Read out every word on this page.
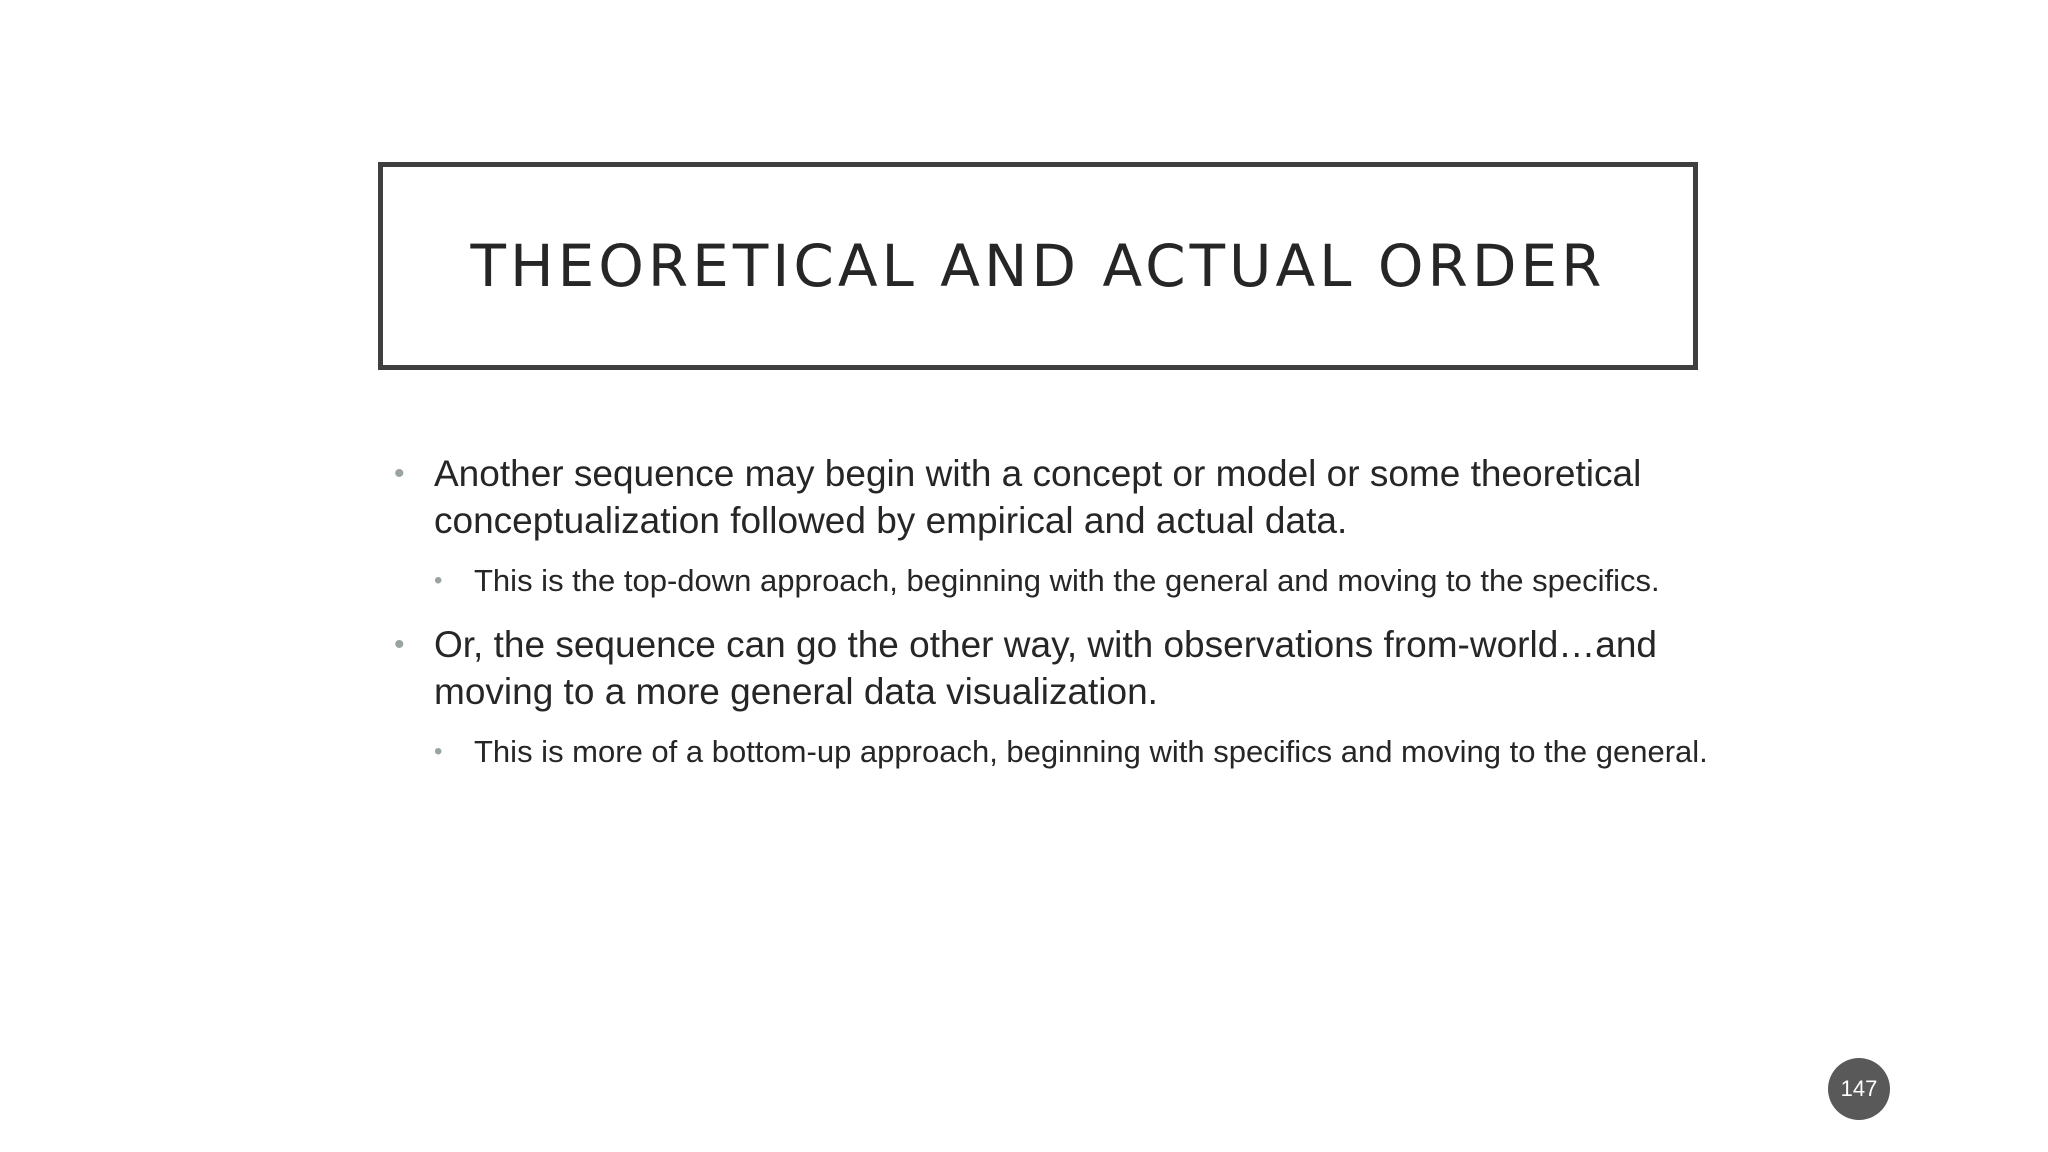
THEORETICAL AND ACTUAL ORDER
• Another sequence may begin with a concept or model or some theoretical conceptualization followed by empirical and actual data.
• This is the top-down approach, beginning with the general and moving to the specifics.
• Or, the sequence can go the other way, with observations from-world…and moving to a more general data visualization.
• This is more of a bottom-up approach, beginning with specifics and moving to the general.
147
